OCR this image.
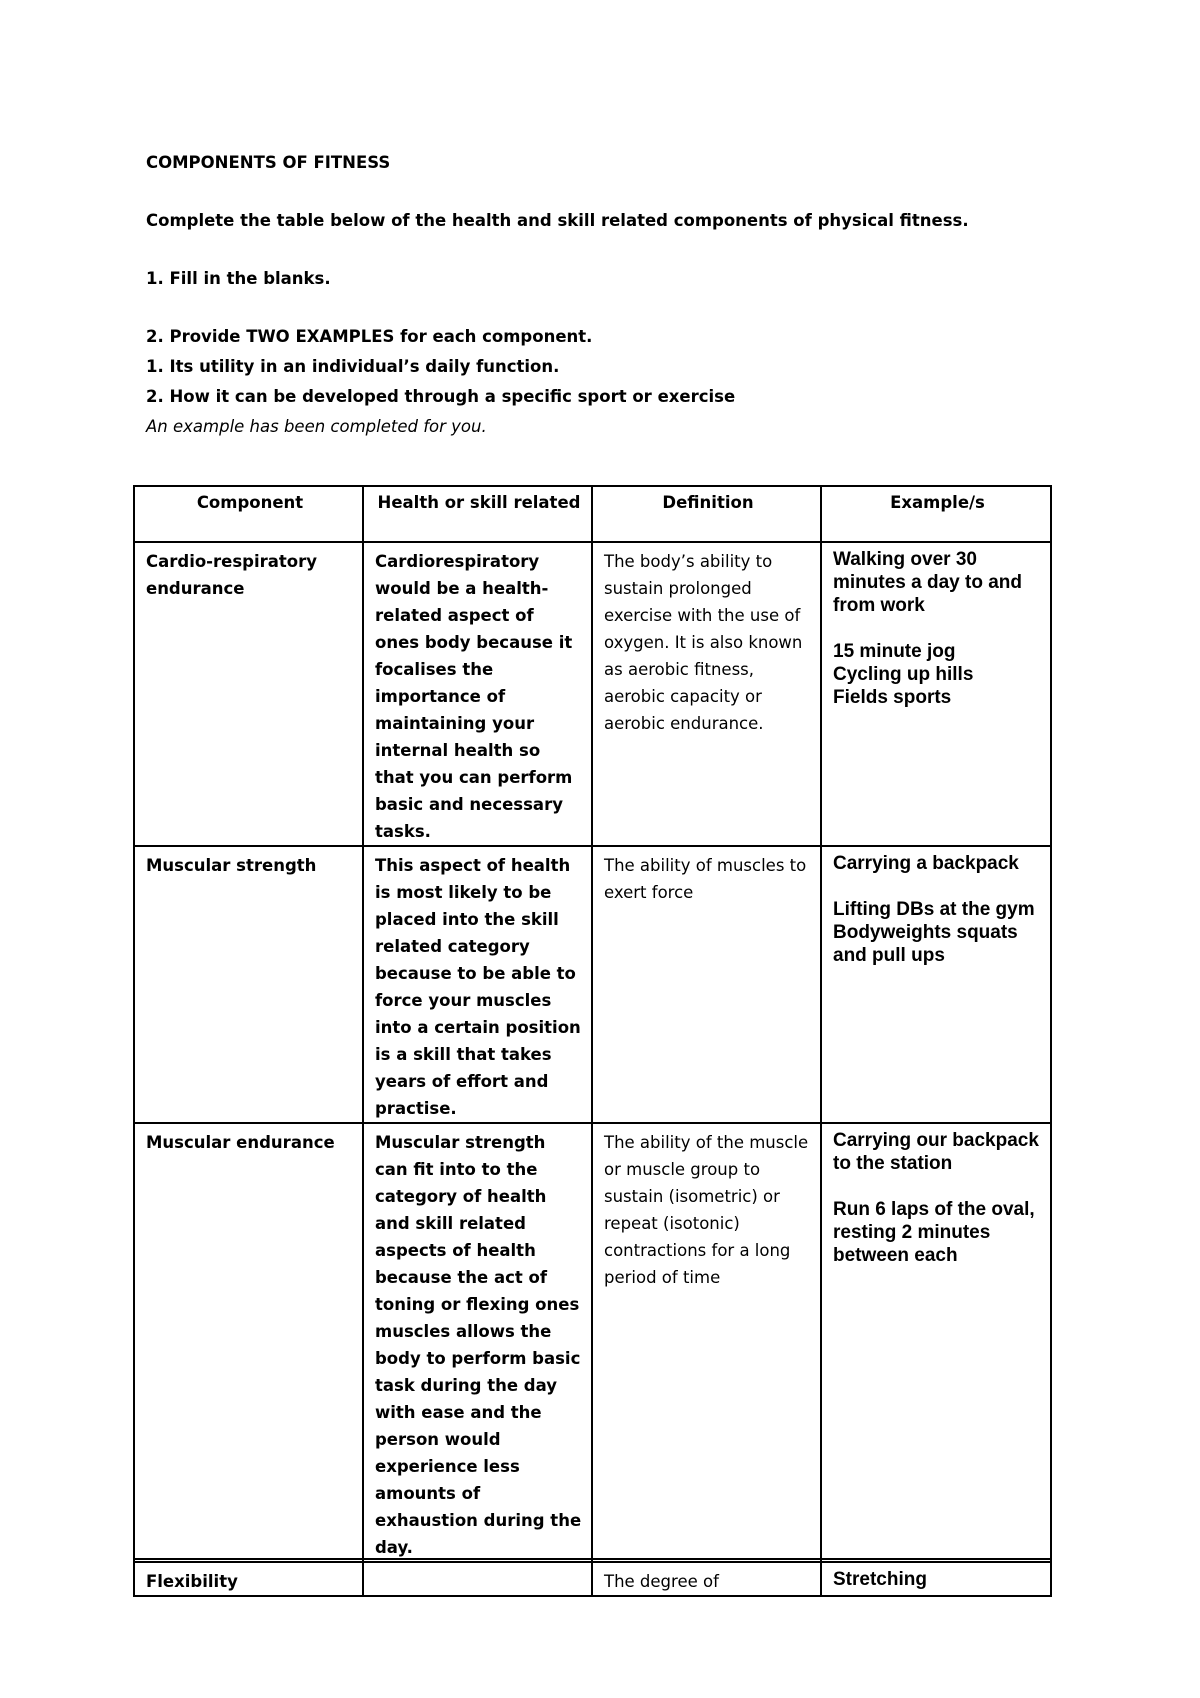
COMPONENTS OF FITNESS

Complete the table below of the health and skill related components of physical fitness.

1. Fill in the blanks.

2. Provide TWO EXAMPLES for each component.

1. Its utility in an individual’s daily function.

2. How it can be developed through a specific sport or exercise

An example has been completed for you.

Component	Health or skill related	Definition	Example/s
Cardio-respiratory endurance	Cardiorespiratory would be a health-related aspect of ones body because it focalises the importance of maintaining your internal health so that you can perform basic and necessary tasks.	The body’s ability to sustain prolonged exercise with the use of oxygen. It is also known as aerobic fitness, aerobic capacity or aerobic endurance.	Walking over 30 minutes a day to and from work
15 minute jog
Cycling up hills
Fields sports

Muscular strength	This aspect of health is most likely to be placed into the skill related category because to be able to force your muscles into a certain position is a skill that takes years of effort and practise.	The ability of muscles to exert force	Carrying a backpack
Lifting DBs at the gym
Bodyweights squats and pull ups

Muscular endurance	Muscular strength can fit into to the category of health and skill related aspects of health because the act of toning or flexing ones muscles allows the body to perform basic task during the day with ease and the person would experience less amounts of exhaustion during the day.	The ability of the muscle or muscle group to sustain (isometric) or repeat (isotonic) contractions for a long period of time	Carrying our backpack to the station
Run 6 laps of the oval, resting 2 minutes between each

Flexibility		The degree of	Stretching
